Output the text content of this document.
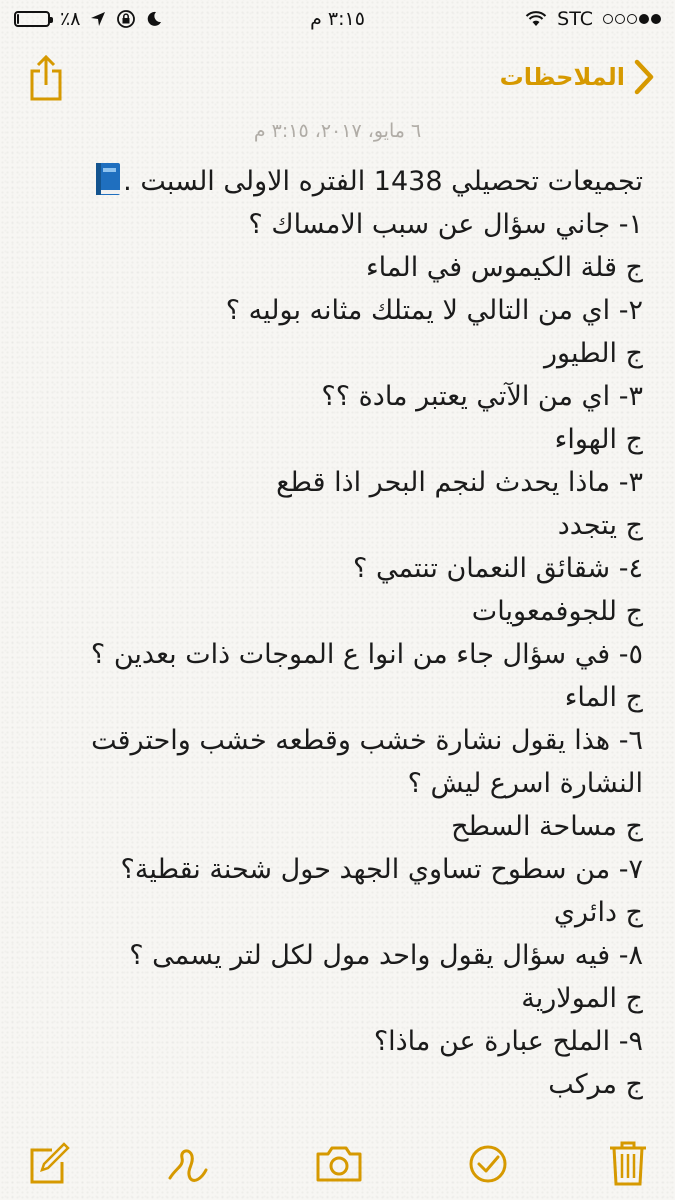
٪٨	٣:١٥ م	STC
الملاحظات
٦ مايو، ٢٠١٧، ٣:١٥ م
تجميعات تحصيلي 1438 الفتره الاولى السبت .
١- جاني سؤال عن سبب الامساك ؟
ج قلة الكيموس في الماء
٢- اي من التالي لا يمتلك مثانه بوليه ؟
ج الطيور
٣- اي من الآتي يعتبر مادة ؟؟
ج الهواء
٣- ماذا يحدث لنجم البحر اذا قطع
ج يتجدد
٤- شقائق النعمان تنتمي ؟
ج للجوفمعويات
٥- في سؤال جاء من انوا ع الموجات ذات بعدين ؟
ج الماء
٦- هذا يقول نشارة خشب وقطعه خشب واحترقت النشارة اسرع ليش ؟
ج مساحة السطح
٧- من سطوح تساوي الجهد حول شحنة نقطية؟
ج دائري
٨- فيه سؤال يقول واحد مول لكل لتر يسمى ؟
ج المولارية
٩- الملح عبارة عن ماذا؟
ج مركب
